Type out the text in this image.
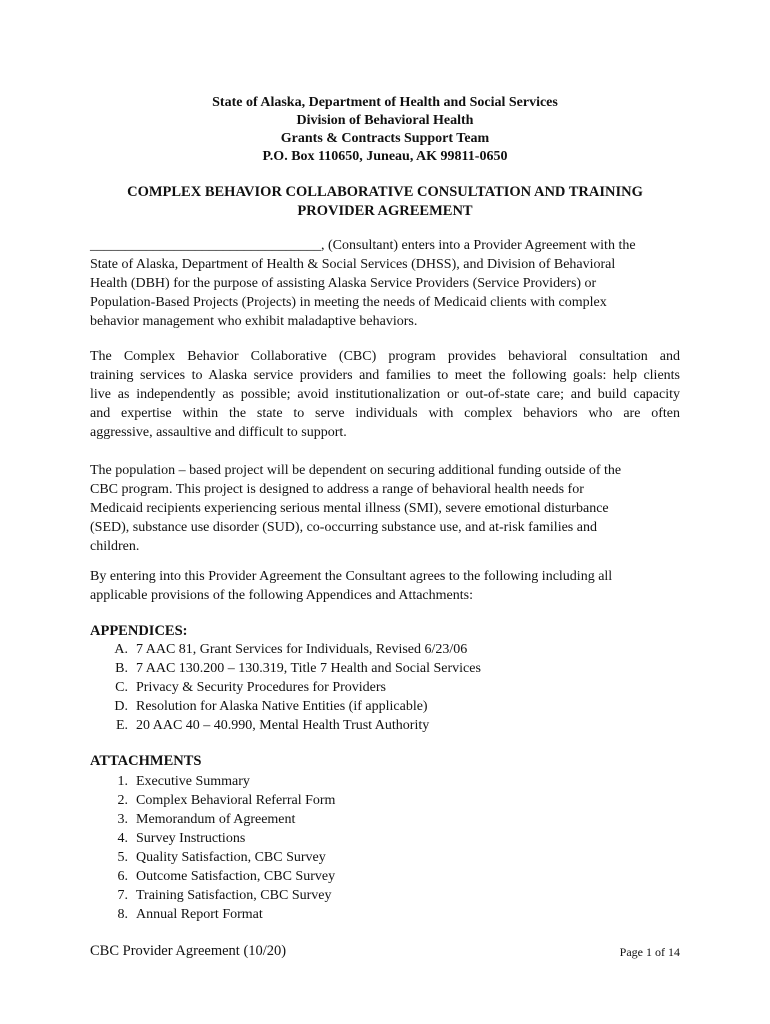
State of Alaska, Department of Health and Social Services
Division of Behavioral Health
Grants & Contracts Support Team
P.O. Box 110650, Juneau, AK 99811-0650
COMPLEX BEHAVIOR COLLABORATIVE CONSULTATION AND TRAINING
PROVIDER AGREEMENT
_________________________________, (Consultant) enters into a Provider Agreement with the
State of Alaska, Department of Health & Social Services (DHSS), and Division of Behavioral
Health (DBH) for the purpose of assisting Alaska Service Providers (Service Providers) or
Population-Based Projects (Projects) in meeting the needs of Medicaid clients with complex
behavior management who exhibit maladaptive behaviors.
The Complex Behavior Collaborative (CBC) program provides behavioral consultation and
training services to Alaska service providers and families to meet the following goals: help clients
live as independently as possible; avoid institutionalization or out-of-state care; and build capacity
and expertise within the state to serve individuals with complex behaviors who are often
aggressive, assaultive and difficult to support.
The population – based project will be dependent on securing additional funding outside of the
CBC program. This project is designed to address a range of behavioral health needs for
Medicaid recipients experiencing serious mental illness (SMI), severe emotional disturbance
(SED), substance use disorder (SUD), co-occurring substance use, and at-risk families and
children.
By entering into this Provider Agreement the Consultant agrees to the following including all
applicable provisions of the following Appendices and Attachments:
APPENDICES:
A. 7 AAC 81, Grant Services for Individuals, Revised 6/23/06
B. 7 AAC 130.200 – 130.319, Title 7 Health and Social Services
C. Privacy & Security Procedures for Providers
D. Resolution for Alaska Native Entities (if applicable)
E. 20 AAC 40 – 40.990, Mental Health Trust Authority
ATTACHMENTS
1. Executive Summary
2. Complex Behavioral Referral Form
3. Memorandum of Agreement
4. Survey Instructions
5. Quality Satisfaction, CBC Survey
6. Outcome Satisfaction, CBC Survey
7. Training Satisfaction, CBC Survey
8. Annual Report Format
CBC Provider Agreement (10/20)	Page 1 of 14
